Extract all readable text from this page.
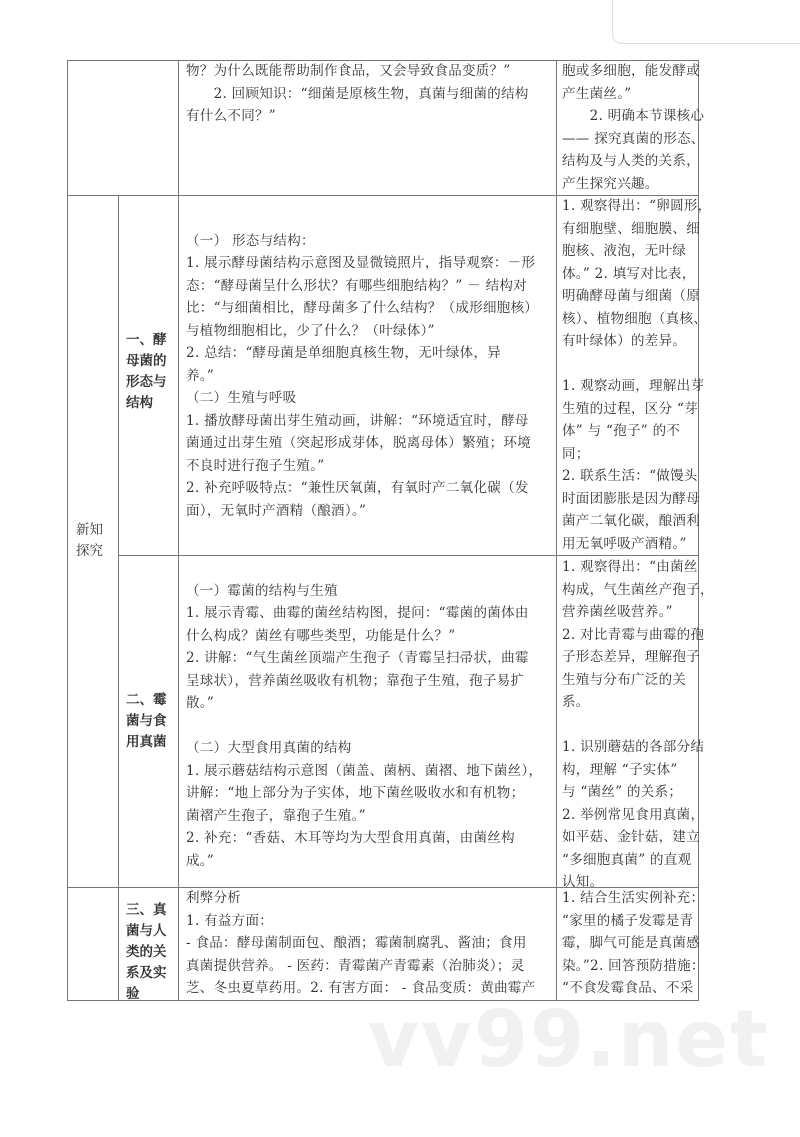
物？为什么既能帮助制作食品，又会导致食品变质？”
　　2. 回顾知识：“细菌是原核生物，真菌与细菌的结构
有什么不同？”
胞或多细胞，能发酵或
产生菌丝。”
　　2. 明确本节课核心
—— 探究真菌的形态、
结构及与人类的关系，
产生探究兴趣。
新知
探究
一、酵
母菌的
形态与
结构

（一） 形态与结构：
1. 展示酵母菌结构示意图及显微镜照片，指导观察：－形
态：“酵母菌呈什么形状？有哪些细胞结构？” － 结构对
比：“与细菌相比，酵母菌多了什么结构？（成形细胞核）
与植物细胞相比，少了什么？（叶绿体）”
2. 总结：“酵母菌是单细胞真核生物，无叶绿体，异
养。”
（二）生殖与呼吸
1. 播放酵母菌出芽生殖动画，讲解：“环境适宜时，酵母
菌通过出芽生殖（突起形成芽体，脱离母体）繁殖；环境
不良时进行孢子生殖。”
2. 补充呼吸特点：“兼性厌氧菌，有氧时产二氧化碳（发
面），无氧时产酒精（酿酒）。”
1. 观察得出：“卵圆形，
有细胞壁、细胞膜、细
胞核、液泡，无叶绿
体。” 2. 填写对比表，
明确酵母菌与细菌（原
核）、植物细胞（真核、
有叶绿体）的差异。

1. 观察动画，理解出芽
生殖的过程，区分 “芽
体” 与 “孢子” 的不
同；
2. 联系生活：“做馒头
时面团膨胀是因为酵母
菌产二氧化碳，酿酒利
用无氧呼吸产酒精。”
二、霉
菌与食
用真菌

（一）霉菌的结构与生殖
1. 展示青霉、曲霉的菌丝结构图，提问：“霉菌的菌体由
什么构成？菌丝有哪些类型，功能是什么？”
2. 讲解：“气生菌丝顶端产生孢子（青霉呈扫帚状，曲霉
呈球状），营养菌丝吸收有机物；靠孢子生殖，孢子易扩
散。”

（二）大型食用真菌的结构
1. 展示蘑菇结构示意图（菌盖、菌柄、菌褶、地下菌丝），
讲解：“地上部分为子实体，地下菌丝吸收水和有机物；
菌褶产生孢子，靠孢子生殖。”
2. 补充：“香菇、木耳等均为大型食用真菌，由菌丝构
成。”
1. 观察得出：“由菌丝
构成，气生菌丝产孢子，
营养菌丝吸营养。”
2. 对比青霉与曲霉的孢
子形态差异，理解孢子
生殖与分布广泛的关
系。

1. 识别蘑菇的各部分结
构，理解 “子实体”
与 “菌丝” 的关系；
2. 举例常见食用真菌，
如平菇、金针菇，建立
“多细胞真菌” 的直观
认知。
三、真
菌与人
类的关
系及实
验
利弊分析
1. 有益方面：
- 食品：酵母菌制面包、酿酒；霉菌制腐乳、酱油；食用
真菌提供营养。 - 医药：青霉菌产青霉素（治肺炎）；灵
芝、冬虫夏草药用。2. 有害方面： - 食品变质：黄曲霉产
1. 结合生活实例补充：
“家里的橘子发霉是青
霉，脚气可能是真菌感
染。”2. 回答预防措施：
“不食发霉食品、不采
vv99.net
